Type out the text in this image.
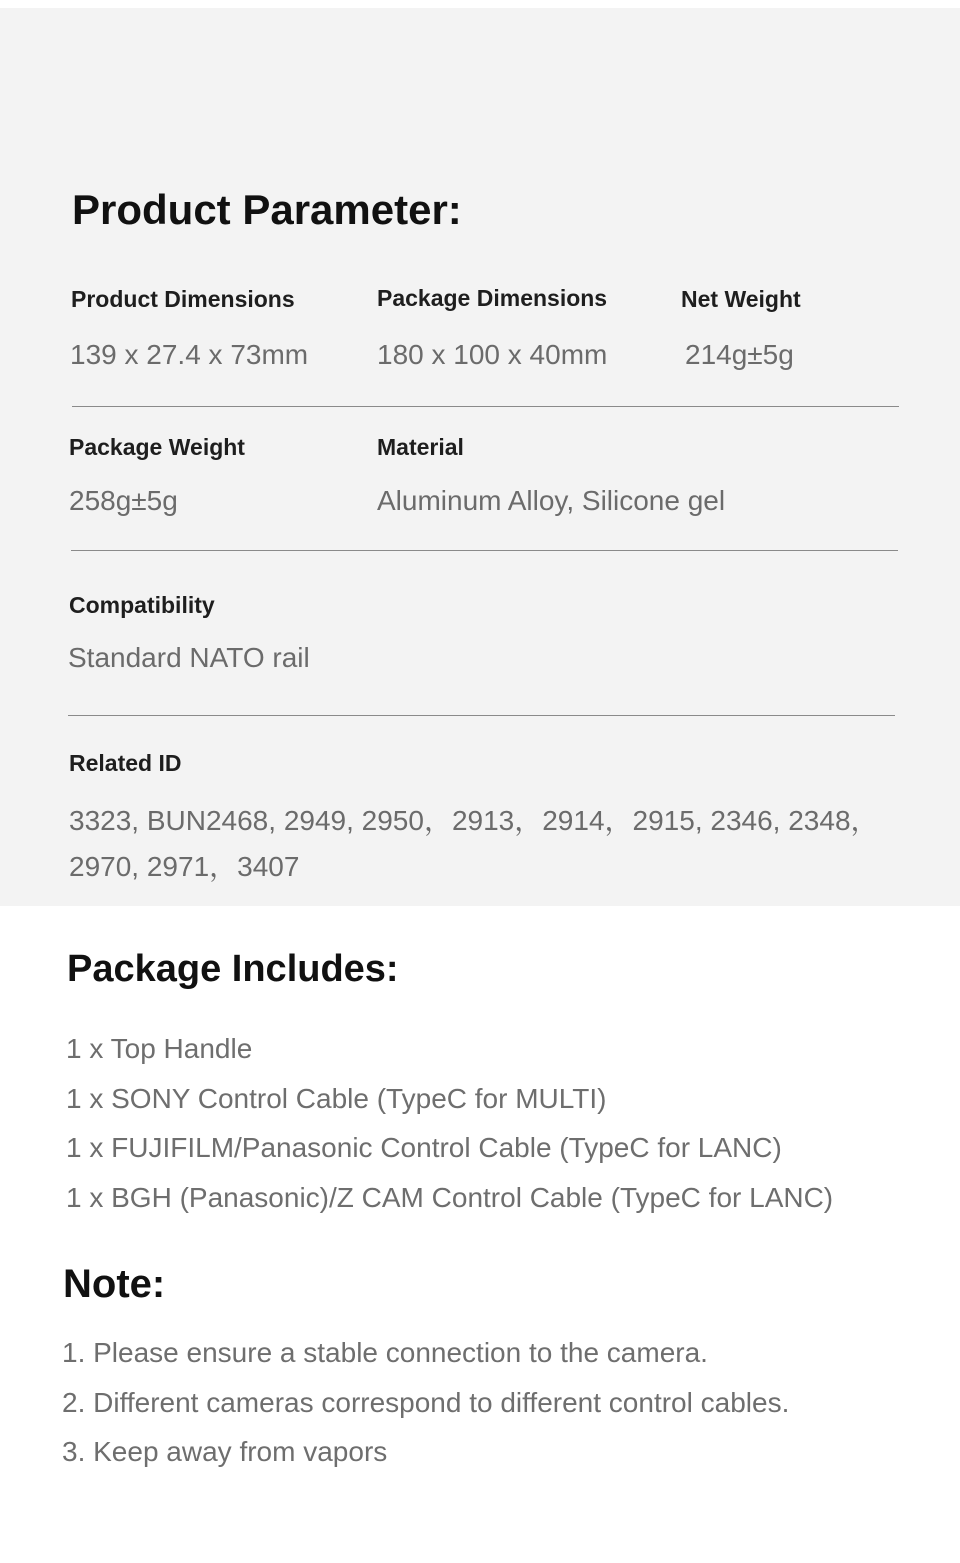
Product Parameter:
Product Dimensions
139 x 27.4 x 73mm
Package Dimensions
180 x 100 x 40mm
Net Weight
214g±5g
Package Weight
258g±5g
Material
Aluminum Alloy, Silicone gel
Compatibility
Standard NATO rail
Related ID
3323, BUN2468, 2949, 2950，2913，2914，2915, 2346, 2348，2970, 2971，3407
Package Includes:
1 x Top Handle
1 x SONY Control Cable (TypeC for MULTI)
1 x FUJIFILM/Panasonic Control Cable (TypeC for LANC)
1 x BGH (Panasonic)/Z CAM Control Cable (TypeC for LANC)
Note:
1. Please ensure a stable connection to the camera.
2. Different cameras correspond to different control cables.
3. Keep away from vapors
